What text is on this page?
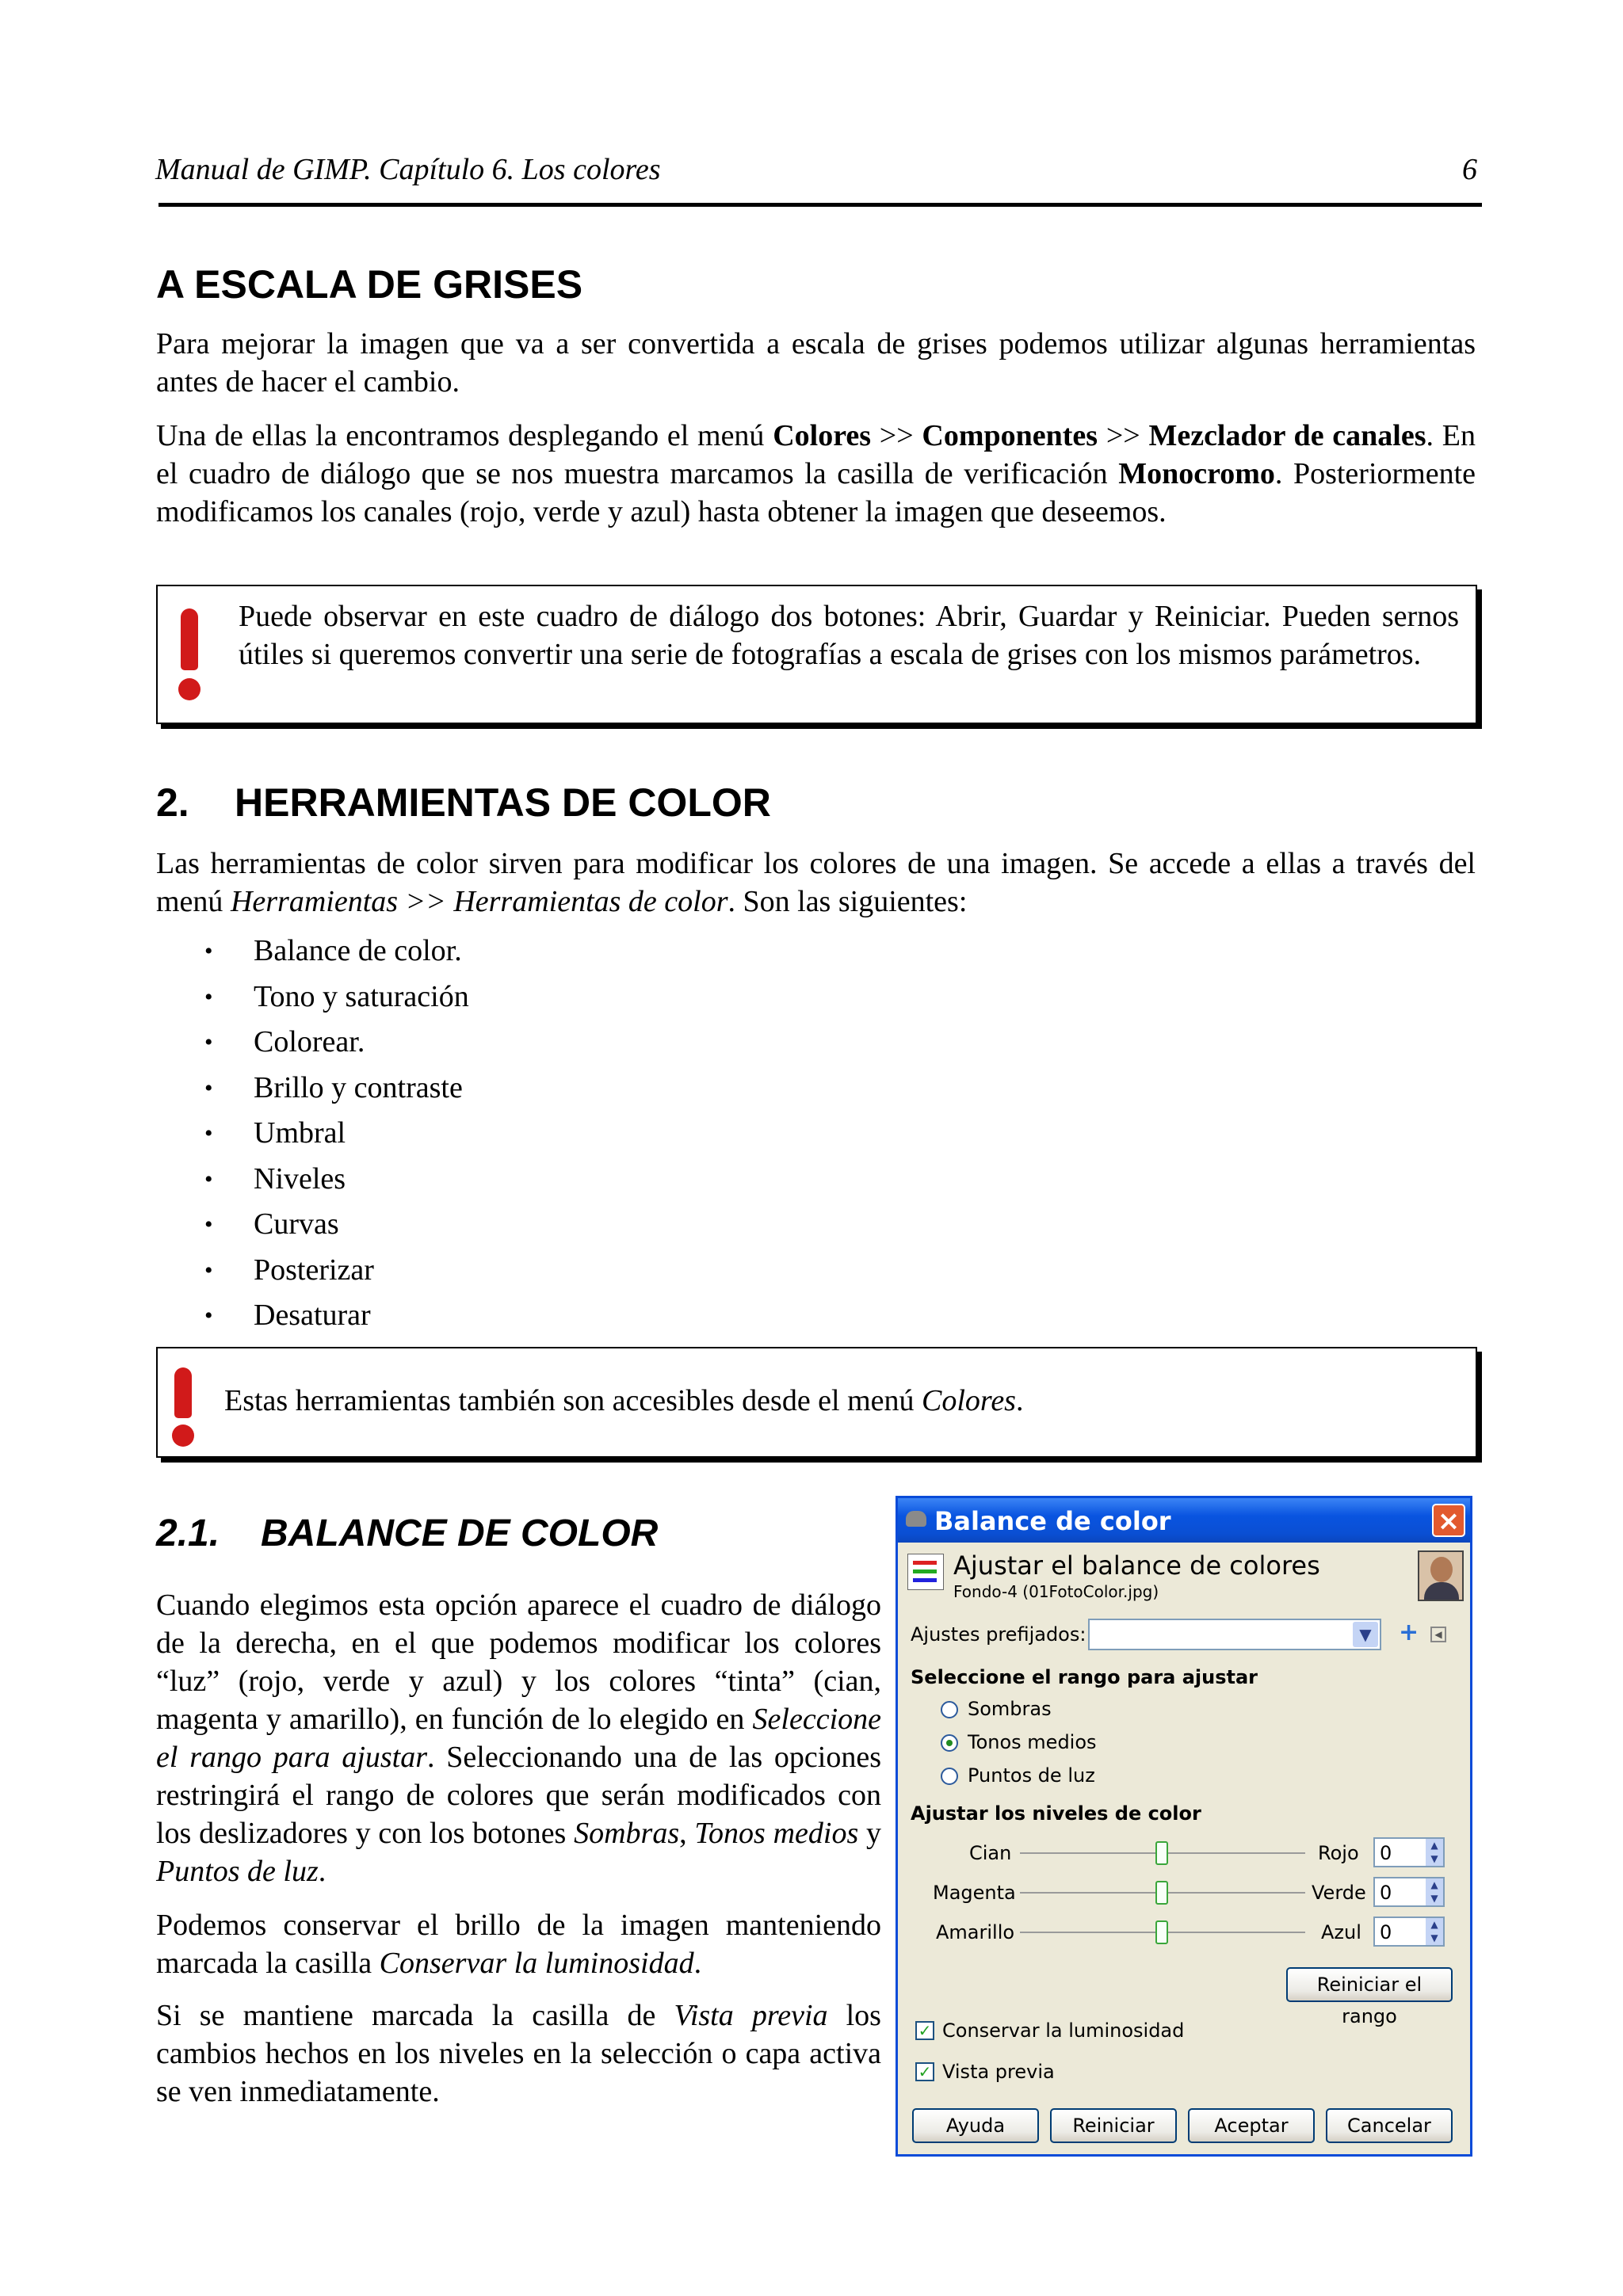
Manual de GIMP. Capítulo 6. Los colores	6
A ESCALA DE GRISES
Para mejorar la imagen que va a ser convertida a escala de grises podemos utilizar algunas herramientas antes de hacer el cambio.
Una de ellas la encontramos desplegando el menú Colores >> Componentes >> Mezclador de canales. En el cuadro de diálogo que se nos muestra marcamos la casilla de verificación Monocromo. Posteriormente modificamos los canales (rojo, verde y azul) hasta obtener la imagen que deseemos.
Puede observar en este cuadro de diálogo dos botones: Abrir, Guardar y Reiniciar. Pueden sernos útiles si queremos convertir una serie de fotografías a escala de grises con los mismos parámetros.
2. HERRAMIENTAS DE COLOR
Las herramientas de color sirven para modificar los colores de una imagen. Se accede a ellas a través del menú Herramientas >> Herramientas de color. Son las siguientes:
•	Balance de color.
•	Tono y saturación
•	Colorear.
•	Brillo y contraste
•	Umbral
•	Niveles
•	Curvas
•	Posterizar
•	Desaturar
Estas herramientas también son accesibles desde el menú Colores.
2.1. BALANCE DE COLOR
Cuando elegimos esta opción aparece el cuadro de diálogo de la derecha, en el que podemos modificar los colores “luz” (rojo, verde y azul) y los colores “tinta” (cian, magenta y amarillo), en función de lo elegido en Seleccione el rango para ajustar. Seleccionando una de las opciones restringirá el rango de colores que serán modificados con los deslizadores y con los botones Sombras, Tonos medios y Puntos de luz.
Podemos conservar el brillo de la imagen manteniendo marcada la casilla Conservar la luminosidad.
Si se mantiene marcada la casilla de Vista previa los cambios hechos en los niveles en la selección o capa activa se ven inmediatamente.
Balance de color	×
Ajustar el balance de colores
Fondo-4 (01FotoColor.jpg)
Ajustes prefijados:	▼ +	◀
Seleccione el rango para ajustar
Sombras
Tonos medios
Puntos de luz
Ajustar los niveles de color
Cian	Rojo 0	▲
▼
Magenta	Verde 0	▲
▼
Amarillo	Azul 0	▲
▼
Reiniciar el rango
✓ Conservar la luminosidad
✓ Vista previa
Ayuda	Reiniciar	Aceptar	Cancelar
